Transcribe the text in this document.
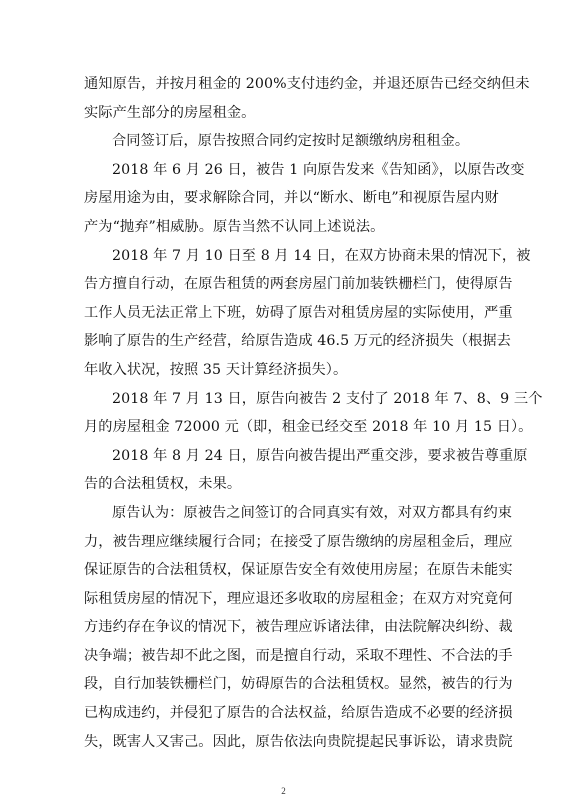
通知原告，并按月租金的 200%支付违约金，并退还原告已经交纳但未
实际产生部分的房屋租金。
合同签订后，原告按照合同约定按时足额缴纳房租租金。
2018 年 6 月 26 日，被告 1 向原告发来《告知函》，以原告改变
房屋用途为由，要求解除合同，并以“断水、断电”和视原告屋内财
产为“抛弃”相威胁。原告当然不认同上述说法。
2018 年 7 月 10 日至 8 月 14 日，在双方协商未果的情况下，被
告方擅自行动，在原告租赁的两套房屋门前加装铁栅栏门，使得原告
工作人员无法正常上下班，妨碍了原告对租赁房屋的实际使用，严重
影响了原告的生产经营，给原告造成 46.5 万元的经济损失（根据去
年收入状况，按照 35 天计算经济损失）。
2018 年 7 月 13 日，原告向被告 2 支付了 2018 年 7、8、9 三个
月的房屋租金 72000 元（即，租金已经交至 2018 年 10 月 15 日）。
2018 年 8 月 24 日，原告向被告提出严重交涉，要求被告尊重原
告的合法租赁权，未果。
原告认为：原被告之间签订的合同真实有效，对双方都具有约束
力，被告理应继续履行合同；在接受了原告缴纳的房屋租金后，理应
保证原告的合法租赁权，保证原告安全有效使用房屋；在原告未能实
际租赁房屋的情况下，理应退还多收取的房屋租金；在双方对究竟何
方违约存在争议的情况下，被告理应诉诸法律，由法院解决纠纷、裁
决争端；被告却不此之图，而是擅自行动，采取不理性、不合法的手
段，自行加装铁栅栏门，妨碍原告的合法租赁权。显然，被告的行为
已构成违约，并侵犯了原告的合法权益，给原告造成不必要的经济损
失，既害人又害己。因此，原告依法向贵院提起民事诉讼，请求贵院
2
